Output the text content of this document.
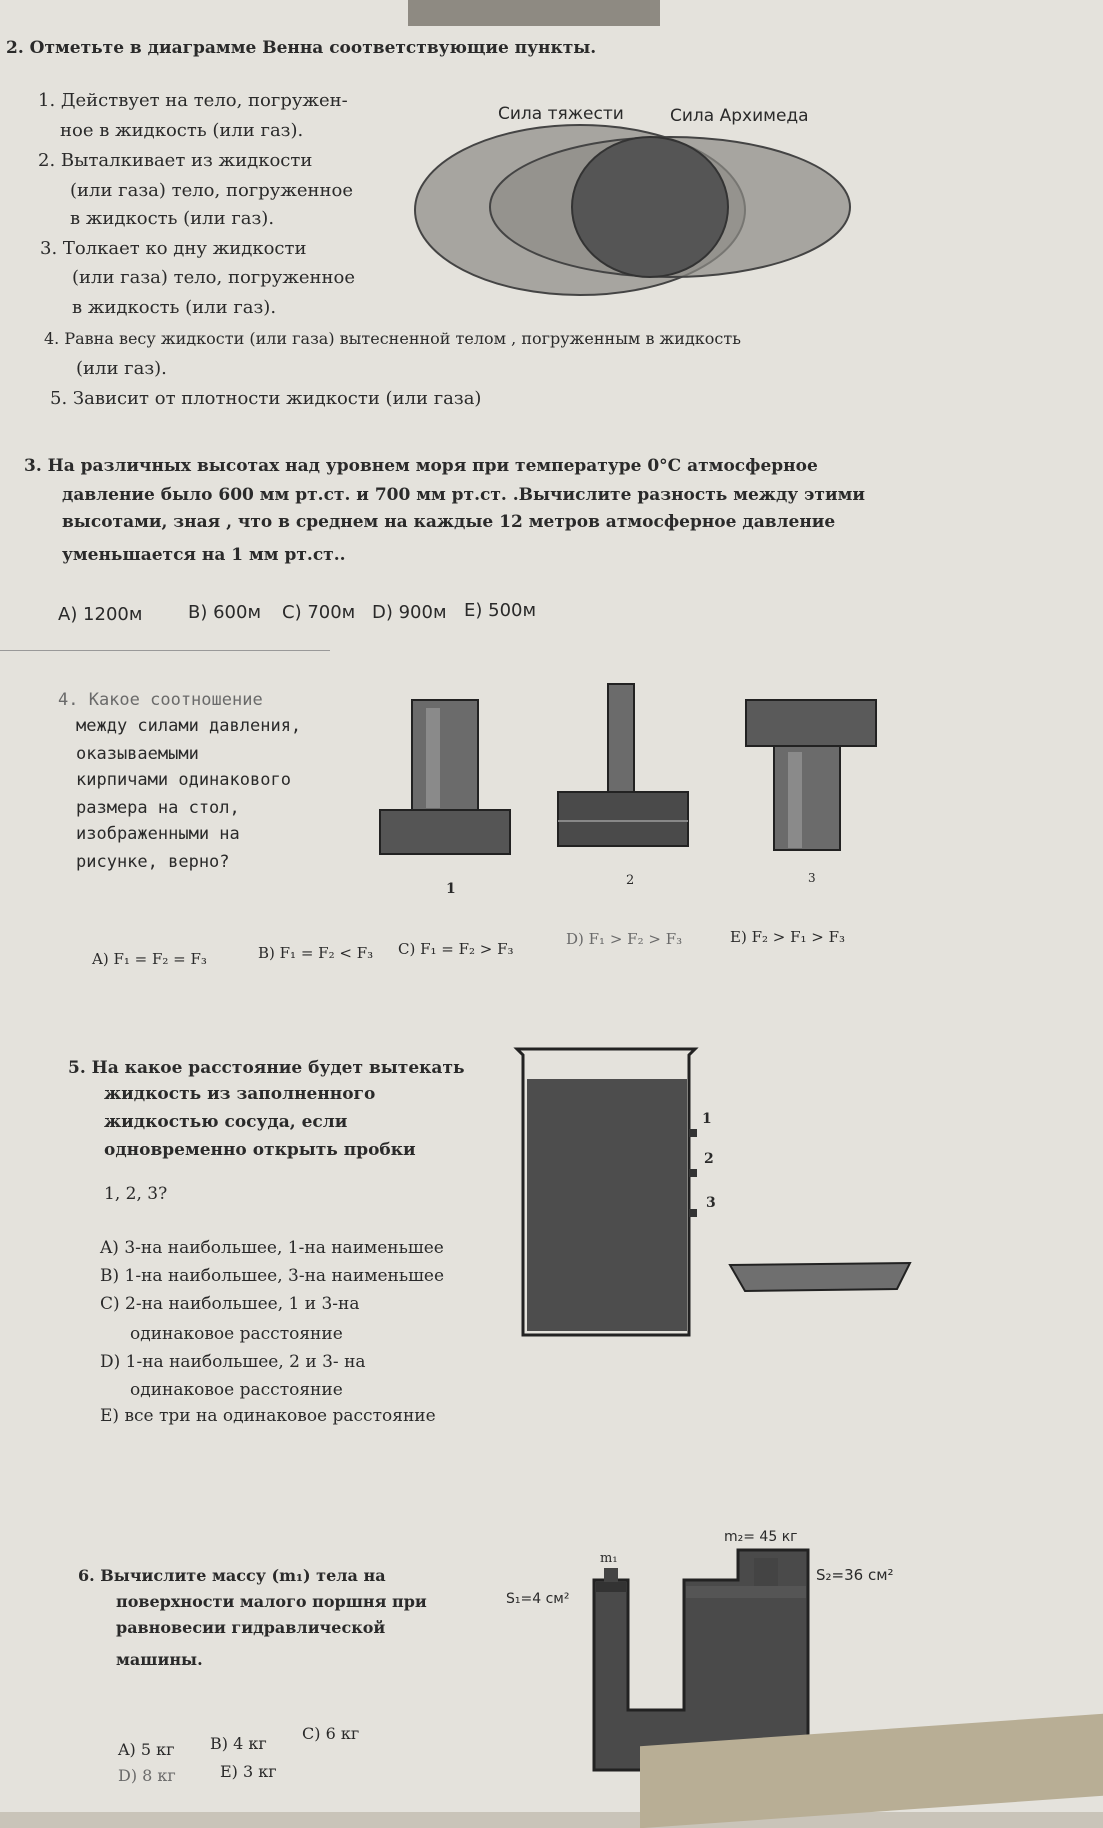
2. Отметьте в диаграмме Венна соответствующие пункты.
1. Действует на тело, погружен-
ное в жидкость (или газ).
2. Выталкивает из жидкости
(или газа) тело, погруженное
в жидкость (или газ).
3. Толкает ко дну жидкости
(или газа) тело, погруженное
в жидкость (или газ).
4. Равна весу жидкости (или газа) вытесненной телом , погруженным в жидкость
(или газ).
5. Зависит от плотности жидкости (или газа)
Сила тяжести	Сила Архимеда
3. На различных высотах над уровнем моря при температуре 0°C атмосферное
давление было 600 мм рт.ст. и 700 мм рт.ст. .Вычислите разность между этими
высотами, зная , что в среднем на каждые 12 метров атмосферное давление
уменьшается на 1 мм рт.ст..
A) 1200м	B) 600м C) 700м D) 900м E) 500м
4. Какое соотношение
между силами давления,
оказываемыми
кирпичами одинакового
размера на стол,
изображенными на
рисунке, верно?
1
2	3
A) F₁ = F₂ = F₃	B) F₁ = F₂ < F₃ C) F₁ = F₂ > F₃
D) F₁ > F₂ > F₃	E) F₂ > F₁ > F₃
5. На какое расстояние будет вытекать
жидкость из заполненного
жидкостью сосуда, если
одновременно открыть пробки
1, 2, 3?
A) 3-на наибольшее, 1-на наименьшее
B) 1-на наибольшее, 3-на наименьшее
C) 2-на наибольшее, 1 и 3-на
одинаковое расстояние
D) 1-на наибольшее, 2 и 3- на
одинаковое расстояние
E) все три на одинаковое расстояние
1
2
3
6. Вычислите массу (m₁) тела на
поверхности малого поршня при
равновесии гидравлической
машины.
A) 5 кг B) 4 кг
C) 6 кг
D) 8 кг	E) 3 кг
m₁
m₂= 45 кг
S₁=4 см²
S₂=36 см²
